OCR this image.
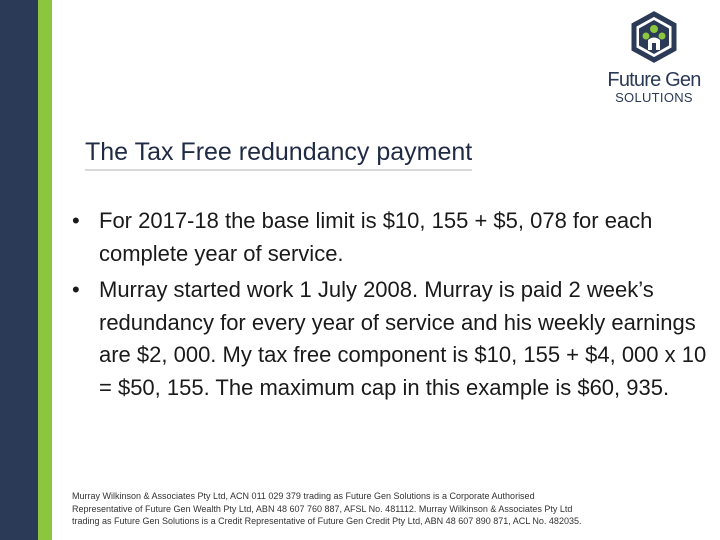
Future Gen
SOLUTIONS
The Tax Free redundancy payment
• For 2017-18 the base limit is $10, 155 + $5, 078 for each complete year of service.
• Murray started work 1 July 2008. Murray is paid 2 week’s redundancy for every year of service and his weekly earnings are $2, 000. My tax free component is $10, 155 + $4, 000 x 10 = $50, 155. The maximum cap in this example is $60, 935.
Murray Wilkinson & Associates Pty Ltd, ACN 011 029 379 trading as Future Gen Solutions is a Corporate Authorised
Representative of Future Gen Wealth Pty Ltd, ABN 48 607 760 887, AFSL No. 481112. Murray Wilkinson & Associates Pty Ltd
trading as Future Gen Solutions is a Credit Representative of Future Gen Credit Pty Ltd, ABN 48 607 890 871, ACL No. 482035.
